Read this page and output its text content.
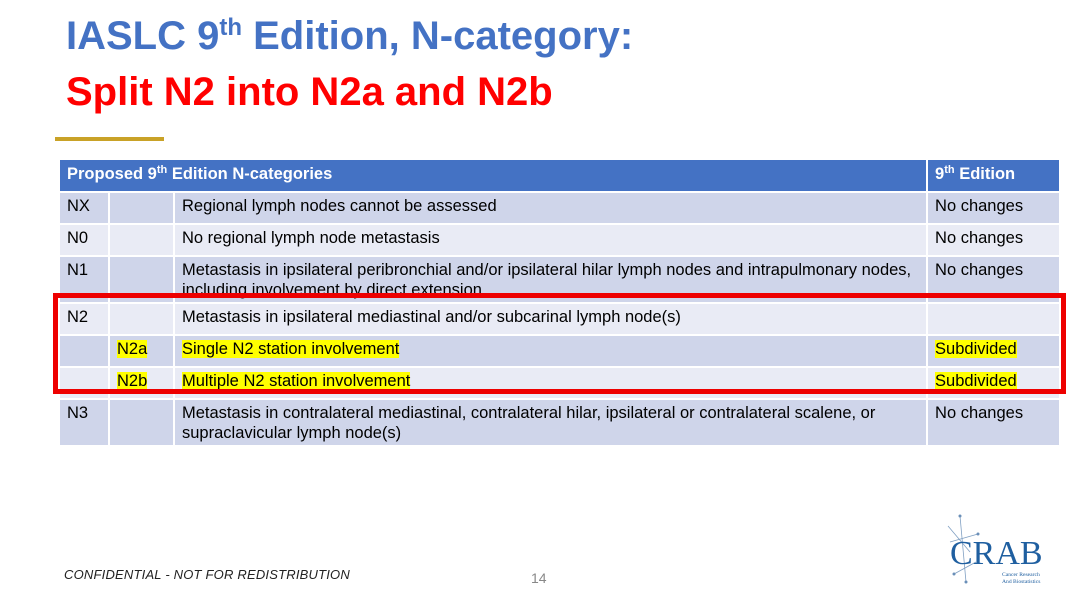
IASLC 9th Edition, N-category:
Split N2 into N2a and N2b
Proposed 9th Edition N-categories			9th Edition
NX		Regional lymph nodes cannot be assessed	No changes
N0		No regional lymph node metastasis	No changes
N1		Metastasis in ipsilateral peribronchial and/or ipsilateral hilar lymph nodes and intrapulmonary nodes, including involvement by direct extension	No changes
N2		Metastasis in ipsilateral mediastinal and/or subcarinal lymph node(s)	
	N2a	Single N2 station involvement	Subdivided
	N2b	Multiple N2 station involvement	Subdivided
N3		Metastasis in contralateral mediastinal, contralateral hilar, ipsilateral or contralateral scalene, or supraclavicular lymph node(s)	No changes
CONFIDENTIAL - NOT FOR REDISTRIBUTION	14
CRAB
Cancer Research
And Biostatistics
